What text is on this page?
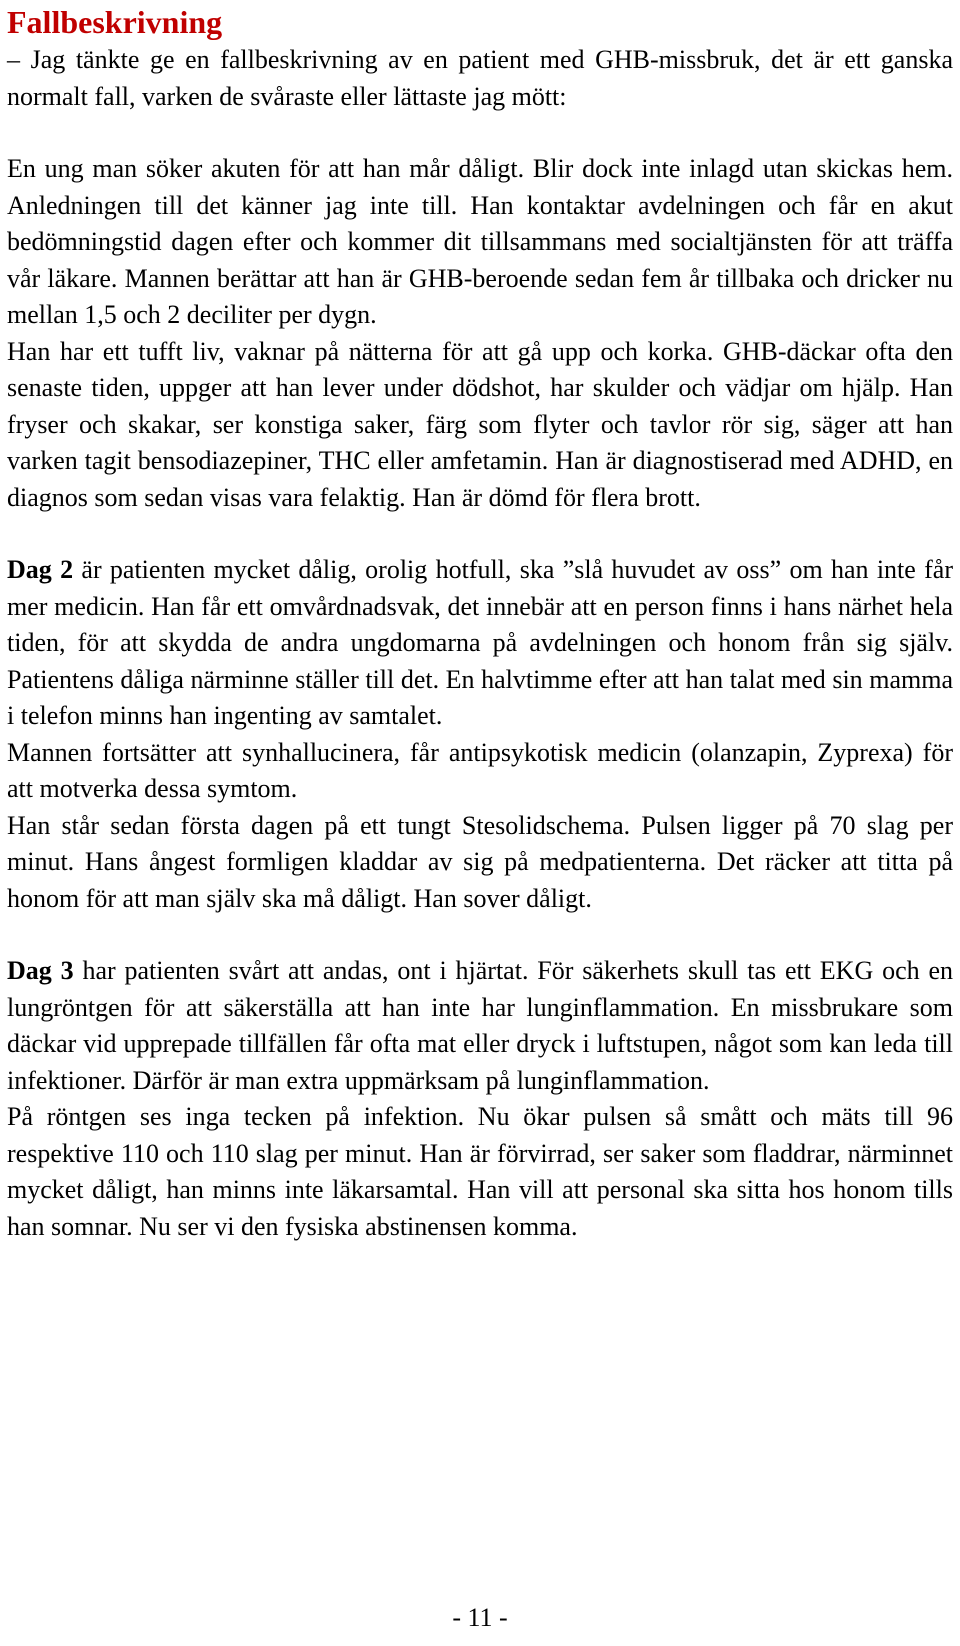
Fallbeskrivning

– Jag tänkte ge en fallbeskrivning av en patient med GHB-missbruk, det är ett ganska normalt fall, varken de svåraste eller lättaste jag mött:

En ung man söker akuten för att han mår dåligt. Blir dock inte inlagd utan skickas hem. Anledningen till det känner jag inte till. Han kontaktar avdelningen och får en akut bedömningstid dagen efter och kommer dit tillsammans med socialtjänsten för att träffa vår läkare. Mannen berättar att han är GHB-beroende sedan fem år tillbaka och dricker nu mellan 1,5 och 2 deciliter per dygn.

Han har ett tufft liv, vaknar på nätterna för att gå upp och korka. GHB-däckar ofta den senaste tiden, uppger att han lever under dödshot, har skulder och vädjar om hjälp. Han fryser och skakar, ser konstiga saker, färg som flyter och tavlor rör sig, säger att han varken tagit bensodiazepiner, THC eller amfetamin. Han är diagnostiserad med ADHD, en diagnos som sedan visas vara felaktig. Han är dömd för flera brott.

Dag 2 är patienten mycket dålig, orolig hotfull, ska ”slå huvudet av oss” om han inte får mer medicin. Han får ett omvårdnadsvak, det innebär att en person finns i hans närhet hela tiden, för att skydda de andra ungdomarna på avdelningen och honom från sig själv. Patientens dåliga närminne ställer till det. En halvtimme efter att han talat med sin mamma i telefon minns han ingenting av samtalet.

Mannen fortsätter att synhallucinera, får antipsykotisk medicin (olanzapin, Zyprexa) för att motverka dessa symtom.

Han står sedan första dagen på ett tungt Stesolidschema. Pulsen ligger på 70 slag per minut. Hans ångest formligen kladdar av sig på medpatienterna. Det räcker att titta på honom för att man själv ska må dåligt. Han sover dåligt.

Dag 3 har patienten svårt att andas, ont i hjärtat. För säkerhets skull tas ett EKG och en lungröntgen för att säkerställa att han inte har lunginflammation. En missbrukare som däckar vid upprepade tillfällen får ofta mat eller dryck i luftstupen, något som kan leda till infektioner. Därför är man extra uppmärksam på lunginflammation.

På röntgen ses inga tecken på infektion. Nu ökar pulsen så smått och mäts till 96 respektive 110 och 110 slag per minut. Han är förvirrad, ser saker som fladdrar, närminnet mycket dåligt, han minns inte läkarsamtal. Han vill att personal ska sitta hos honom tills han somnar. Nu ser vi den fysiska abstinensen komma.

- 11 -
